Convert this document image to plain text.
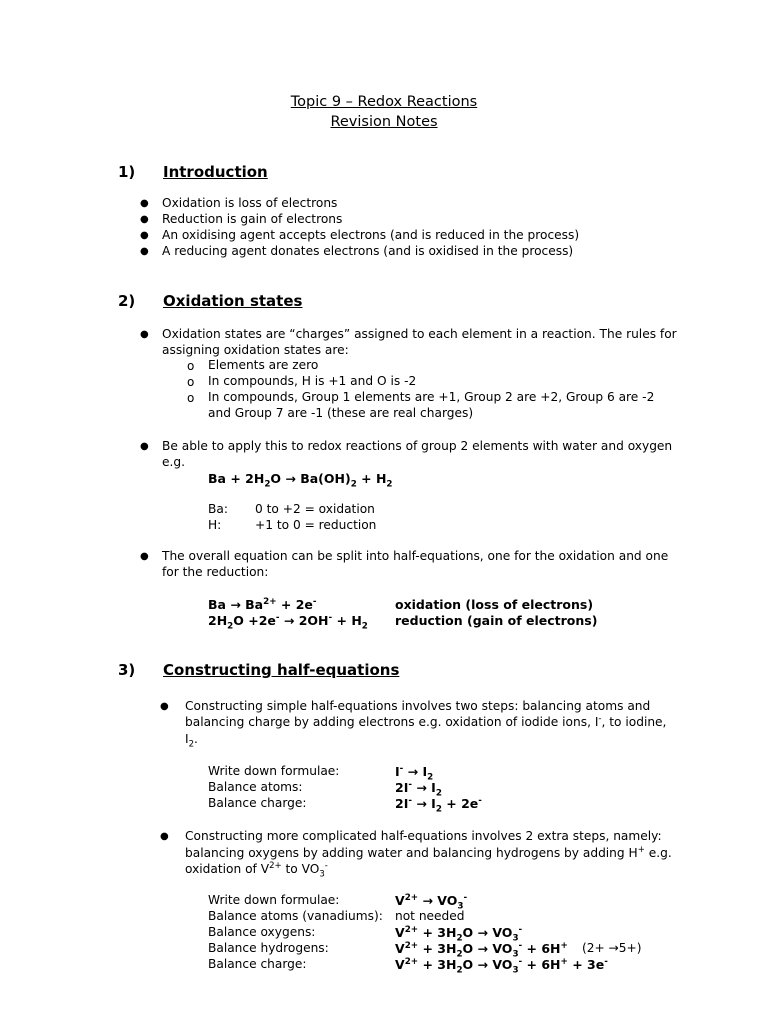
Topic 9 – Redox Reactions
Revision Notes
1) Introduction
● Oxidation is loss of electrons
● Reduction is gain of electrons
● An oxidising agent accepts electrons (and is reduced in the process)
● A reducing agent donates electrons (and is oxidised in the process)
2) Oxidation states
● Oxidation states are “charges” assigned to each element in a reaction. The rules for
assigning oxidation states are:
o Elements are zero
o In compounds, H is +1 and O is -2
o In compounds, Group 1 elements are +1, Group 2 are +2, Group 6 are -2
and Group 7 are -1 (these are real charges)
● Be able to apply this to redox reactions of group 2 elements with water and oxygen
e.g.
$Ba + 2H_2O \to Ba(OH)_2 + H_2$
Ba: 0 to +2 = oxidation
H:	+1 to 0 = reduction
● The overall equation can be split into half-equations, one for the oxidation and one
for the reduction:
$Ba \to Ba^{2+} + 2e^-$	oxidation (loss of electrons)
$2H_2O +2e^- \to 2OH^- + H_2$ reduction (gain of electrons)
3) Constructing half-equations
● Constructing simple half-equations involves two steps: balancing atoms and
balancing charge by adding electrons e.g. oxidation of iodide ions, I-, to iodine,
$I_2$.
Write down formulae:	$I^- \to I_2$
Balance atoms:	$2I^- \to I_2$
Balance charge:	$2I^- \to I_2 + 2e^-$
● Constructing more complicated half-equations involves 2 extra steps, namely:
balancing oxygens by adding water and balancing hydrogens by adding H+ e.g.
oxidation of $V^{2+}$ to $VO_3^-$
Write down formulae:	$V^{2+} \to VO_3^-$
Balance atoms (vanadiums): not needed
Balance oxygens:	$V^{2+} + 3H_2O \to VO_3^-$
Balance hydrogens:	$V^{2+} + 3H_2O \to VO_3^- + 6H^+$ (2+ →5+)
Balance charge:	$V^{2+} + 3H_2O \to VO_3^- + 6H^+ + 3e^-$
